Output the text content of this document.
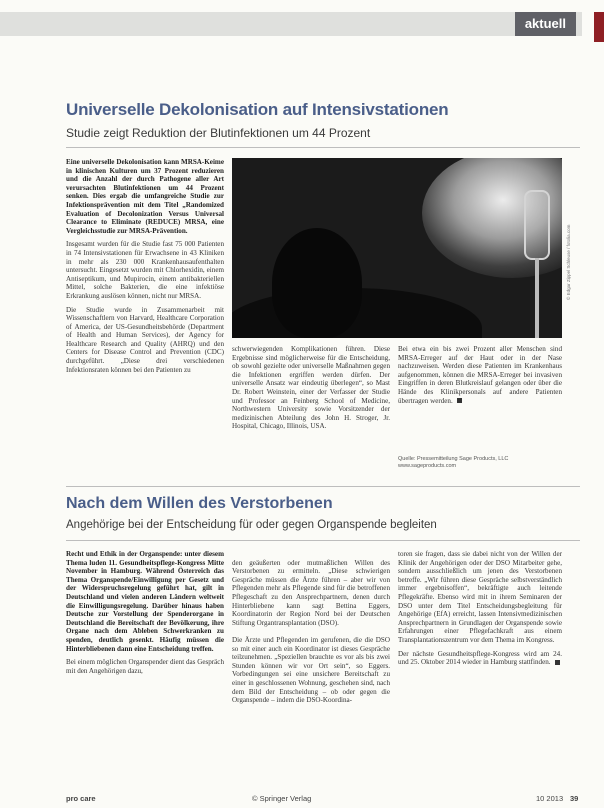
aktuell
Universelle Dekolonisation auf Intensivstationen
Studie zeigt Reduktion der Blutinfektionen um 44 Prozent

Eine universelle Dekolonisation kann MRSA-Keime in klinischen Kulturen um 37 Prozent reduzieren und die Anzahl der durch Pathogene aller Art verursachten Blutinfektionen um 44 Prozent senken. Dies ergab die umfangreiche Studie zur Infektionsprävention mit dem Titel „Randomized Evaluation of Decolonization Versus Universal Clearance to Eliminate (REDUCE) MRSA, eine Vergleichsstudie zur MRSA-Prävention.

Insgesamt wurden für die Studie fast 75 000 Patienten in 74 Intensivstationen für Erwachsene in 43 Kliniken in mehr als 230 000 Krankenhausaufenthalten untersucht. Eingesetzt wurden mit Chlorhexidin, einem Antiseptikum, und Mupirocin, einem antibakteriellen Mittel, solche Bakterien, die eine infektiöse Erkrankung auslösen können, nicht nur MRSA.

Die Studie wurde in Zusammenarbeit mit Wissenschaftlern von Harvard, Healthcare Corporation of America, der US-Gesundheitsbehörde (Department of Health and Human Services), der Agency for Healthcare Research and Quality (AHRQ) und den Centers for Disease Control and Prevention (CDC) durchgeführt. „Diese drei verschiedenen Infektionsraten können bei den Patienten zu

© Edgar Zippel Schleuse / fotolia.com

schwerwiegenden Komplikationen führen. Diese Ergebnisse sind möglicherweise für die Entscheidung, ob sowohl gezielte oder universelle Maßnahmen gegen die Infektionen ergriffen werden dürfen. Der universelle Ansatz war eindeutig überlegen“, so Mast Dr. Robert Weinstein, einer der Verfasser der Studie und Professor an Feinberg School of Medicine, Northwestern University sowie Vorsitzender der medizinischen Abteilung des John H. Stroger, Jr. Hospital, Chicago, Illinois, USA.

Bei etwa ein bis zwei Prozent aller Menschen sind MRSA-Erreger auf der Haut oder in der Nase nachzuweisen. Werden diese Patienten im Krankenhaus aufgenommen, können die MRSA-Erreger bei invasiven Eingriffen in deren Blutkreislauf gelangen oder über die Hände des Klinikpersonals auf andere Patienten übertragen werden.

Quelle: Pressemitteilung Sage Products, LLC www.sageproducts.com
Nach dem Willen des Verstorbenen
Angehörige bei der Entscheidung für oder gegen Organspende begleiten

Recht und Ethik in der Organspende: unter diesem Thema luden 11. Gesundheitspflege-Kongress Mitte November in Hamburg. Während Österreich das Thema Organspende/Einwilligung per Gesetz und der Widerspruchsregelung geführt hat, gilt in Deutschland und vielen anderen Ländern weltweit die Einwilligungsregelung. Darüber hinaus haben Deutsche zur Vorstellung der Spenderorgane in Deutschland die Bereitschaft der Bevölkerung, ihre Organe nach dem Ableben Schwerkranken zu spenden, deutlich gesenkt. Häufig müssen die Hinterbliebenen dann eine Entscheidung treffen.

Bei einem möglichen Organspender dient das Gespräch mit den Angehörigen dazu,

den geäußerten oder mutmaßlichen Willen des Verstorbenen zu ermitteln. „Diese schwierigen Gespräche müssen die Ärzte führen – aber wir von Pflegenden mehr als Pflegende sind für die betroffenen Pflegeschaft zu den Ansprechpartnern, denen durch Hinterbliebene kann sagt Bettina Eggers, Koordinatorin der Region Nord bei der Deutschen Stiftung Organtransplantation (DSO).

Die Ärzte und Pflegenden im gerufenen, die die DSO so mit einer auch ein Koordinator ist dieses Gespräche teilzunehmen. „Speziellen brauchte es vor als bis zwei Stunden können wir vor Ort sein“, so Eggers. Vorbedingungen sei eine unsichere Bereitschaft zu einer in geschlossenen Wohnung, geschehen sind, nach dem Bild der Entscheidung – ob oder gegen die Organspende – indem die DSO-Koordina-

toren sie fragen, dass sie dabei nicht von der Willen der Klinik der Angehörigen oder der DSO Mitarbeiter gehe, sondern ausschließlich um jenen des Verstorbenen betreffe. „Wir führen diese Gespräche selbstverständlich immer ergebnisoffen“, bekräftigte auch leitende Pflegekräfte. Ebenso wird mit in ihrem Seminaren der DSO unter dem Titel Entscheidungsbegleitung für Angehörige (EfA) erreicht, lassen Intensivmedizinischen Ansprechpartnern in Grundlagen der Organspende sowie Erfahrungen einer Pflegefachkraft aus einem Transplantationszentrum vor dem Thema im Kongress.

Der nächste Gesundheitspflege-Kongress wird am 24. und 25. Oktober 2014 wieder in Hamburg stattfinden.

pro care	© Springer Verlag	10 2013 39
